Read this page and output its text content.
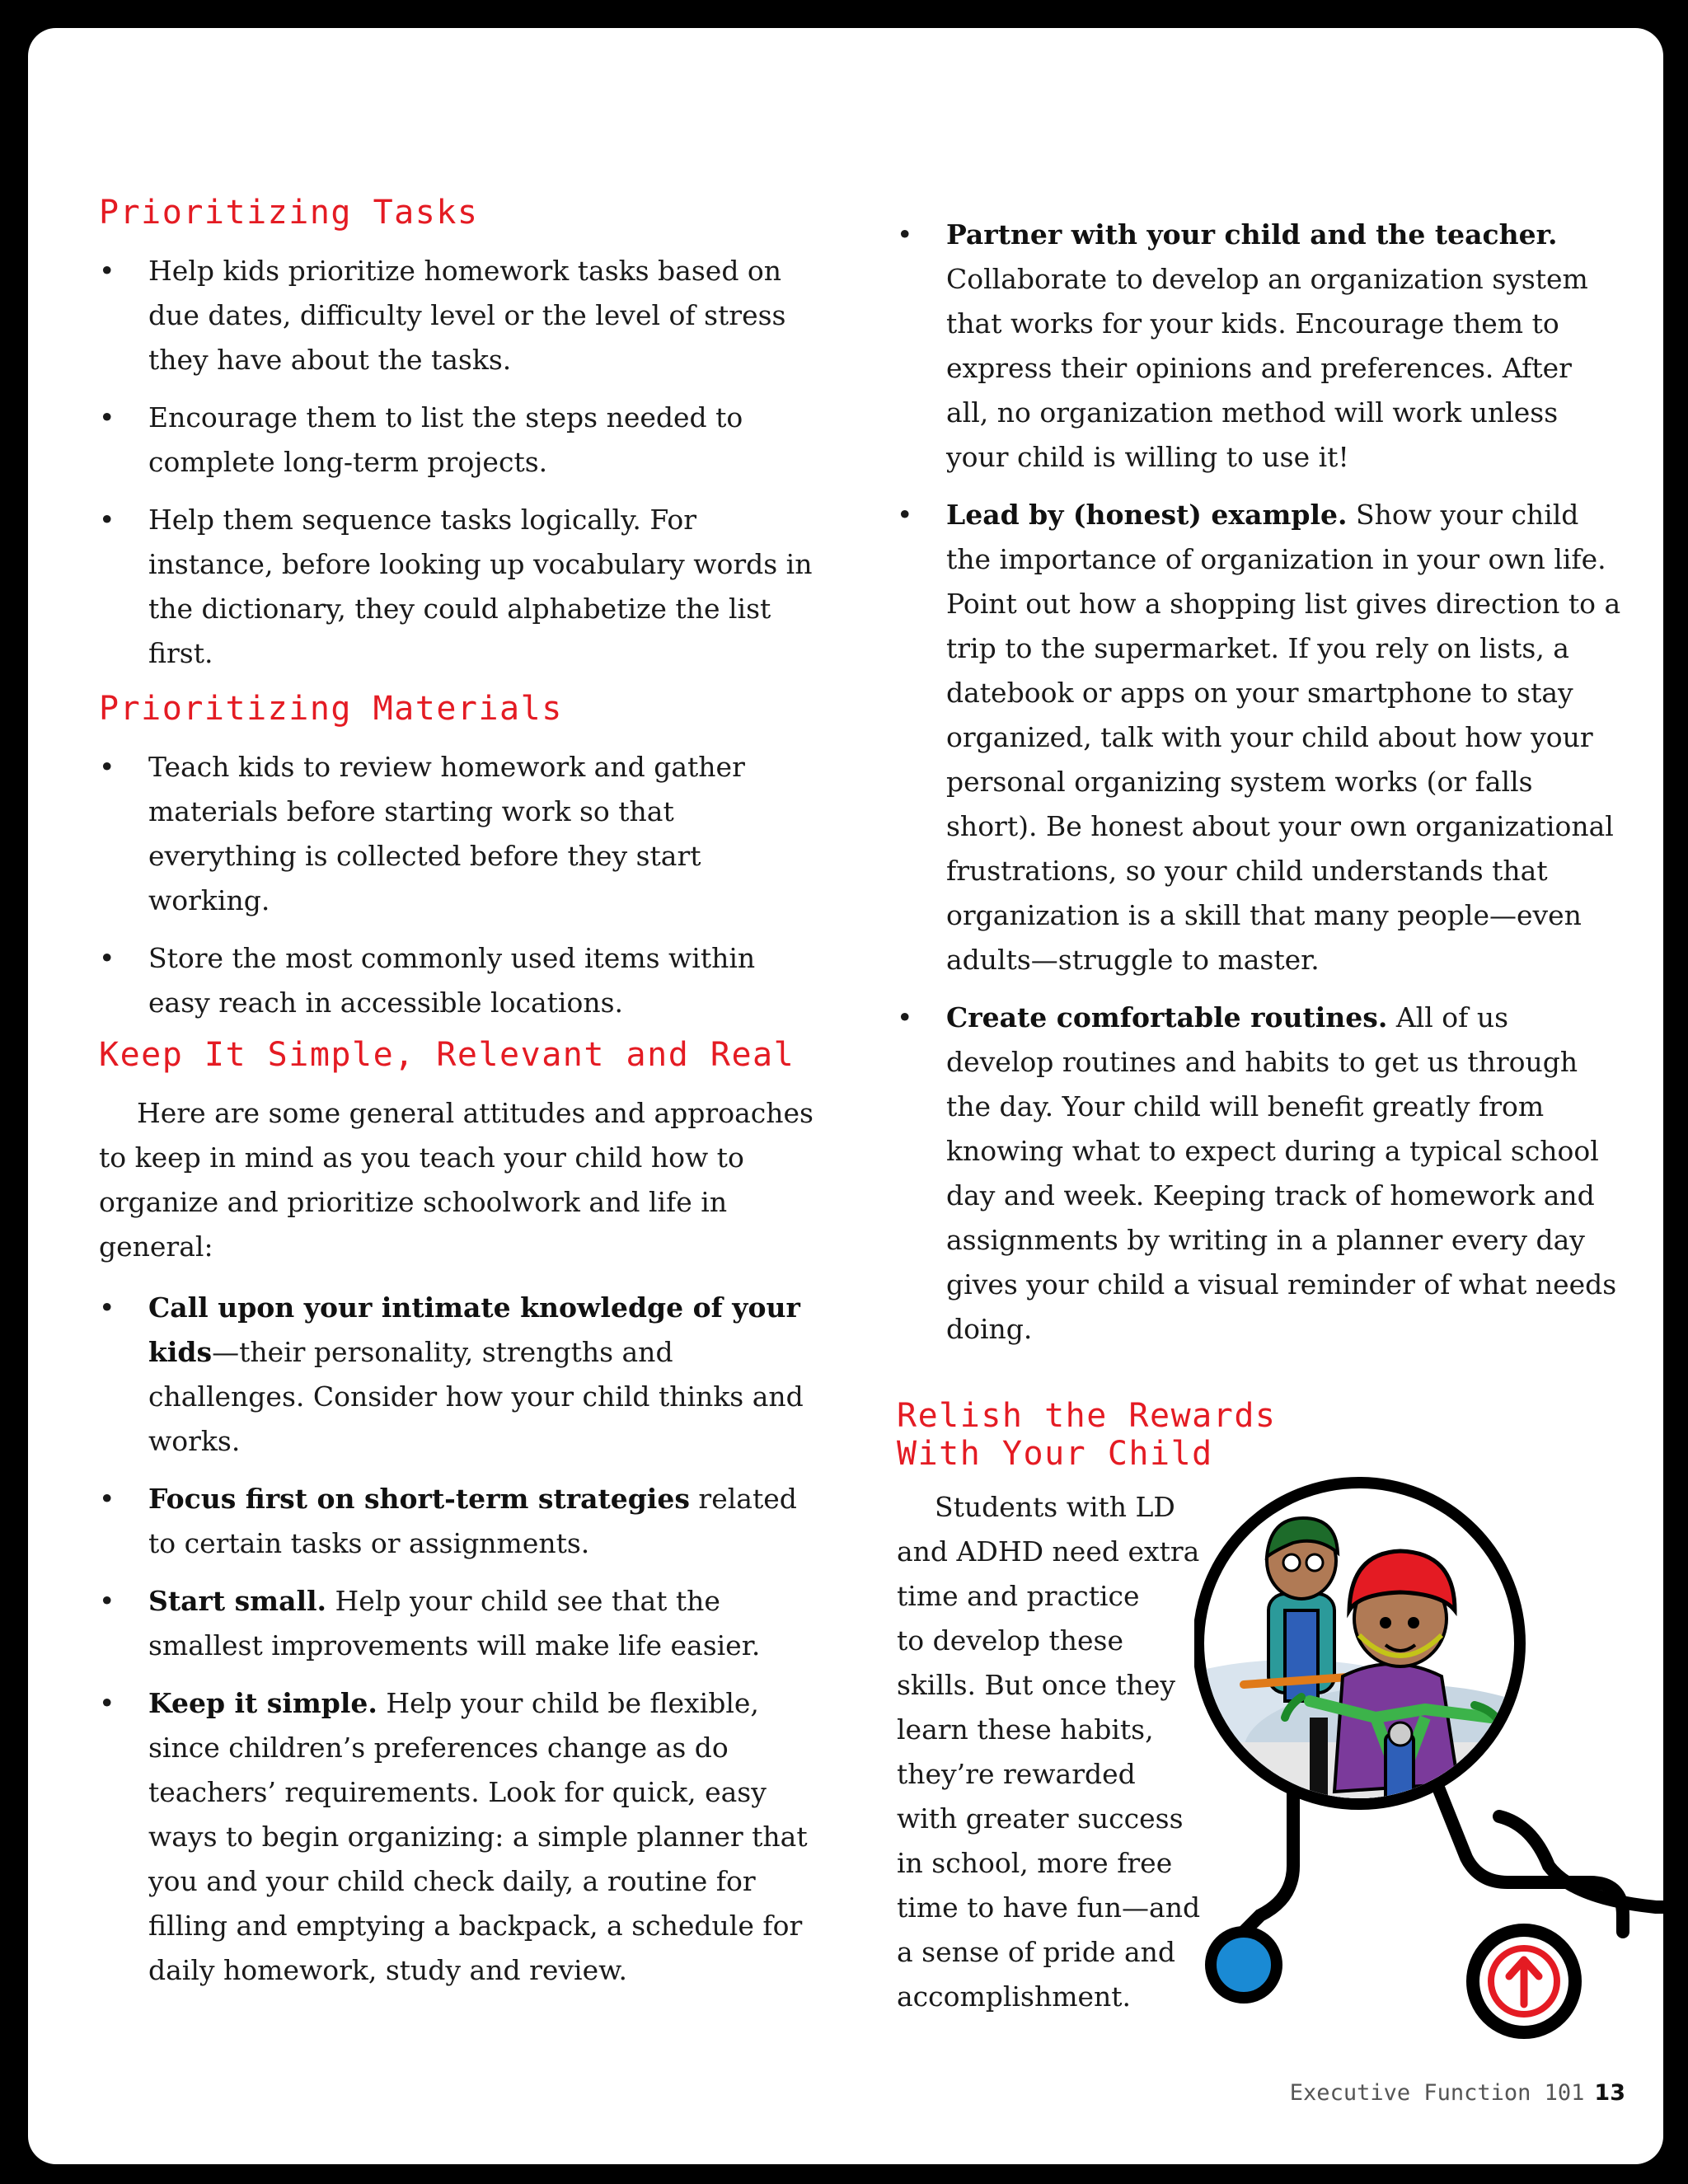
Prioritizing Tasks
• Help kids prioritize homework tasks based on due dates, difficulty level or the level of stress they have about the tasks.
• Encourage them to list the steps needed to complete long-term projects.
• Help them sequence tasks logically. For instance, before looking up vocabulary words in the dictionary, they could alphabetize the list first.
Prioritizing Materials
• Teach kids to review homework and gather materials before starting work so that everything is collected before they start working.
• Store the most commonly used items within easy reach in accessible locations.
Keep It Simple, Relevant and Real

Here are some general attitudes and approaches to keep in mind as you teach your child how to organize and prioritize schoolwork and life in general:

• Call upon your intimate knowledge of your kids—their personality, strengths and challenges. Consider how your child thinks and works.
• Focus first on short-term strategies related to certain tasks or assignments.
• Start small. Help your child see that the smallest improvements will make life easier.
• Keep it simple. Help your child be flexible, since children’s preferences change as do teachers’ requirements. Look for quick, easy ways to begin organizing: a simple planner that you and your child check daily, a routine for filling and emptying a backpack, a schedule for daily homework, study and review.
• Partner with your child and the teacher. Collaborate to develop an organization system that works for your kids. Encourage them to express their opinions and preferences. After all, no organization method will work unless your child is willing to use it!
• Lead by (honest) example. Show your child the importance of organization in your own life. Point out how a shopping list gives direction to a trip to the supermarket. If you rely on lists, a datebook or apps on your smartphone to stay organized, talk with your child about how your personal organizing system works (or falls short). Be honest about your own organizational frustrations, so your child understands that organization is a skill that many people—even adults—struggle to master.
• Create comfortable routines. All of us develop routines and habits to get us through the day. Your child will benefit greatly from knowing what to expect during a typical school day and week. Keeping track of homework and assignments by writing in a planner every day gives your child a visual reminder of what needs doing.
Relish the Rewards
With Your Child
Students with LD
and ADHD need extra
time and practice
to develop these
skills. But once they
learn these habits,
they’re rewarded
with greater success
in school, more free
time to have fun—and
a sense of pride and
accomplishment.
Executive Function 101 13
